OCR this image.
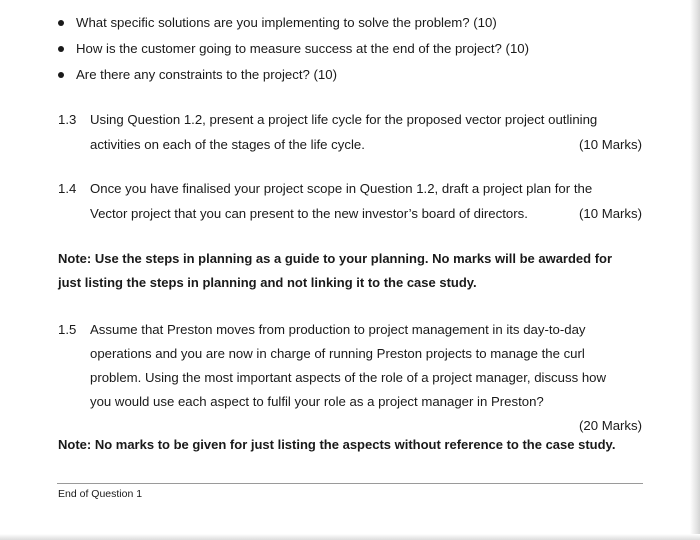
What specific solutions are you implementing to solve the problem? (10)
How is the customer going to measure success at the end of the project? (10)
Are there any constraints to the project? (10)
1.3 Using Question 1.2, present a project life cycle for the proposed vector project outlining
activities on each of the stages of the life cycle.	(10 Marks)
1.4 Once you have finalised your project scope in Question 1.2, draft a project plan for the
Vector project that you can present to the new investor’s board of directors.	(10 Marks)
Note: Use the steps in planning as a guide to your planning. No marks will be awarded for
just listing the steps in planning and not linking it to the case study.
1.5 Assume that Preston moves from production to project management in its day-to-day
operations and you are now in charge of running Preston projects to manage the curl
problem. Using the most important aspects of the role of a project manager, discuss how
you would use each aspect to fulfil your role as a project manager in Preston?
(20 Marks)
Note: No marks to be given for just listing the aspects without reference to the case study.
End of Question 1
